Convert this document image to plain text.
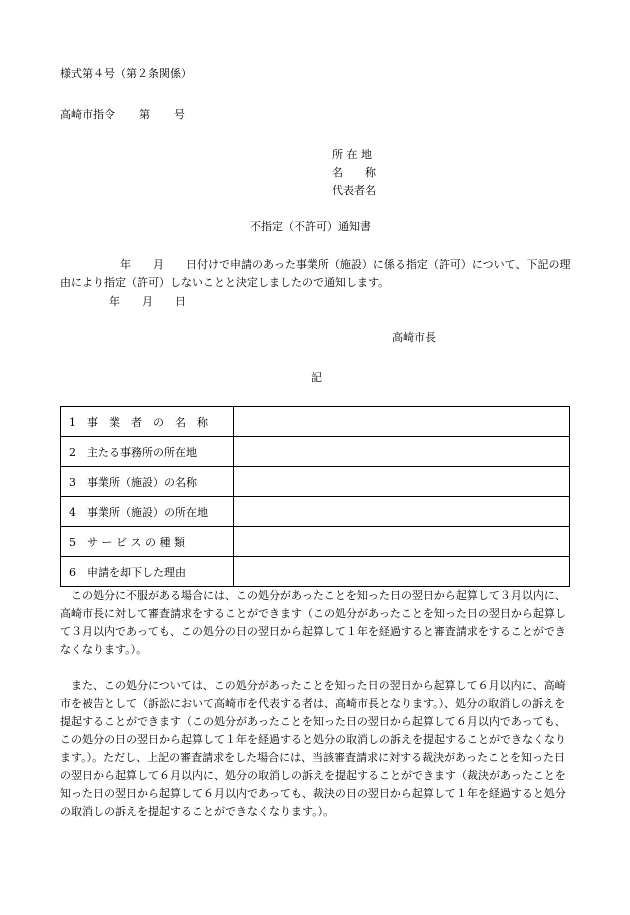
様式第４号（第２条関係）
高崎市指令 第 号
所 在 地
名　　称
代表者名
不指定（不許可）通知書
年　　月　　日付けで申請のあった事業所（施設）に係る指定（許可）について、下記の理由により指定（許可）しないことと決定しましたので通知します。
年　　月　　日
高崎市長
記
1　事　業　者　の　名　称	
2　主たる事務所の所在地	
3　事業所（施設）の名称	
4　事業所（施設）の所在地	
5　サ ー ビ ス の 種 類	
6　申請を却下した理由	
この処分に不服がある場合には、この処分があったことを知った日の翌日から起算して３月以内に、高崎市長に対して審査請求をすることができます（この処分があったことを知った日の翌日から起算して３月以内であっても、この処分の日の翌日から起算して１年を経過すると審査請求をすることができなくなります。）。
また、この処分については、この処分があったことを知った日の翌日から起算して６月以内に、高崎市を被告として（訴訟において高崎市を代表する者は、高崎市長となります。）、処分の取消しの訴えを提起することができます（この処分があったことを知った日の翌日から起算して６月以内であっても、この処分の日の翌日から起算して１年を経過すると処分の取消しの訴えを提起することができなくなります。）。ただし、上記の審査請求をした場合には、当該審査請求に対する裁決があったことを知った日の翌日から起算して６月以内に、処分の取消しの訴えを提起することができます（裁決があったことを知った日の翌日から起算して６月以内であっても、裁決の日の翌日から起算して１年を経過すると処分の取消しの訴えを提起することができなくなります。）。
